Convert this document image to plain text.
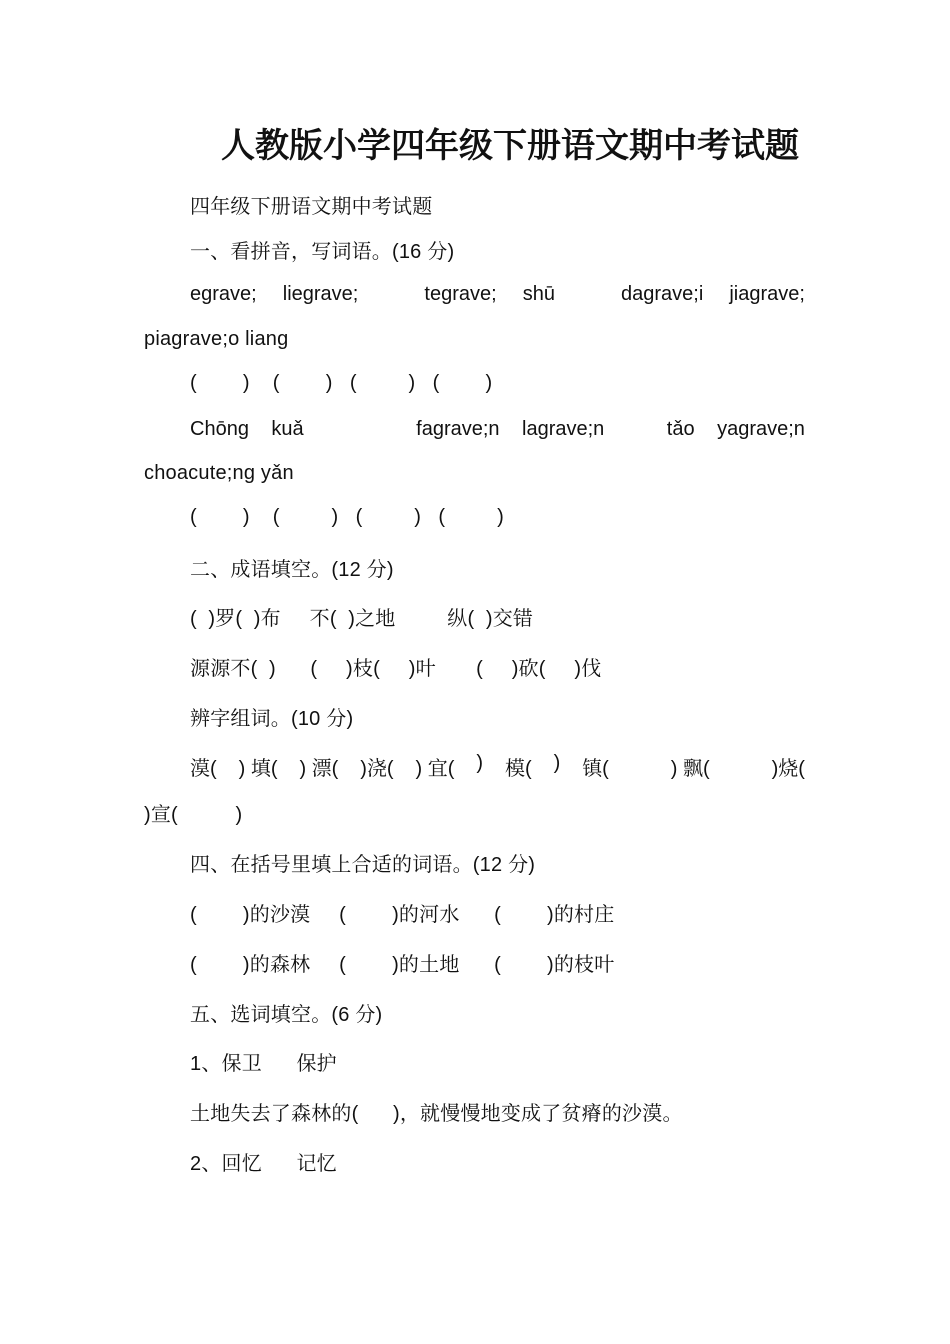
人教版小学四年级下册语文期中考试题
四年级下册语文期中考试题
一、看拼音，写词语。(16 分)
egrave; liegrave;	tegrave; shū	dagrave;i jiagrave;
piagrave;o liang
(        )    (        )   (         )   (        )
Chōng kuǎ	fagrave;n lagrave;n	tǎo yagrave;n
choacute;ng yǎn
(        )    (         )   (         )   (         )
二、成语填空。(12 分)
(  )罗(  )布     不(  )之地         纵(  )交错
源源不(  )      (     )枝(     )叶       (     )砍(     )伐
辨字组词。(10 分)
漠( ) 填( ) 漂( )浇( ) 宜( ) 模( ) 镇(	) 飘(	)烧(
)宣(          )
四、在括号里填上合适的词语。(12 分)
(        )的沙漠     (        )的河水      (        )的村庄
(        )的森林     (        )的土地      (        )的枝叶
五、选词填空。(6 分)
1、保卫      保护
土地失去了森林的(      )，就慢慢地变成了贫瘠的沙漠。
2、回忆      记忆
